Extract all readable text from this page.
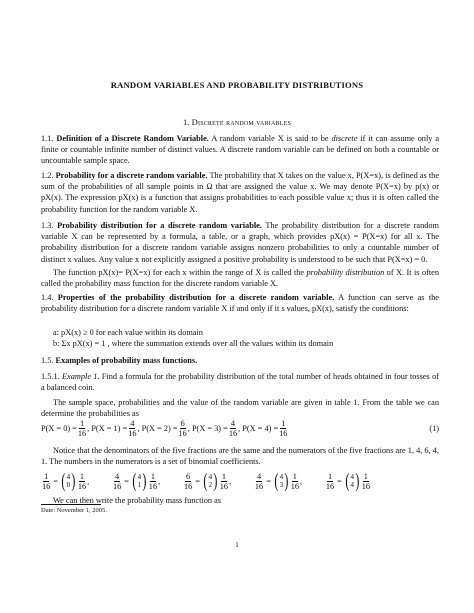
RANDOM VARIABLES AND PROBABILITY DISTRIBUTIONS
1. Discrete random variables

1.1. Definition of a Discrete Random Variable. A random variable X is said to be discrete if it can assume only a finite or countable infinite number of distinct values. A discrete random variable can be defined on both a countable or uncountable sample space.

1.2. Probability for a discrete random variable. The probability that X takes on the value x, P(X=x), is defined as the sum of the probabilities of all sample points in Ω that are assigned the value x. We may denote P(X=x) by p(x) or pX(x). The expression pX(x) is a function that assigns probabilities to each possible value x; thus it is often called the probability function for the random variable X.

1.3. Probability distribution for a discrete random variable. The probability distribution for a discrete random variable X can be represented by a formula, a table, or a graph, which provides pX(x) = P(X=x) for all x. The probability distribution for a discrete random variable assigns nonzero probabilities to only a countable number of distinct x values. Any value x not explicitly assigned a positive probability is understood to be such that P(X=x) = 0.

The function pX(x)= P(X=x) for each x within the range of X is called the probability distribution of X. It is often called the probability mass function for the discrete random variable X.

1.4. Properties of the probability distribution for a discrete random variable. A function can serve as the probability distribution for a discrete random variable X if and only if it s values, pX(x), satisfy the conditions:

a: pX(x) ≥ 0 for each value within its domain
b: Σx pX(x) = 1 , where the summation extends over all the values within its domain

1.5. Examples of probability mass functions.

1.5.1. Example 1. Find a formula for the probability distribution of the total number of heads obtained in four tosses of a balanced coin.

The sample space, probabilities and the value of the random variable are given in table 1. From the table we can determine the probabilities as

$P(X = 0) = \frac{1}{16}$ , $P(X = 1) = \frac{4}{16}$ , $P(X = 2) = \frac{6}{16}$ , $P(X = 3) = \frac{4}{16}$ , $P(X = 4) = \frac{1}{16}$	(1)

Notice that the denominators of the five fractions are the same and the numerators of the five fractions are 1, 4, 6, 4, 1. The numbers in the numerators is a set of binomial coefficients.

$\frac{1}{16}$ = ( 4
0 ) $\frac{1}{16}$ ,	$\frac{4}{16}$ = ( 4
1 ) $\frac{1}{16}$ ,	$\frac{6}{16}$ = ( 4
2 ) $\frac{1}{16}$ ,	$\frac{4}{16}$ = ( 4
3 ) $\frac{1}{16}$ ,	$\frac{1}{16}$ = ( 4
4 ) $\frac{1}{16}$

We can then write the probability mass function as

Date: November 1, 2005.
1
